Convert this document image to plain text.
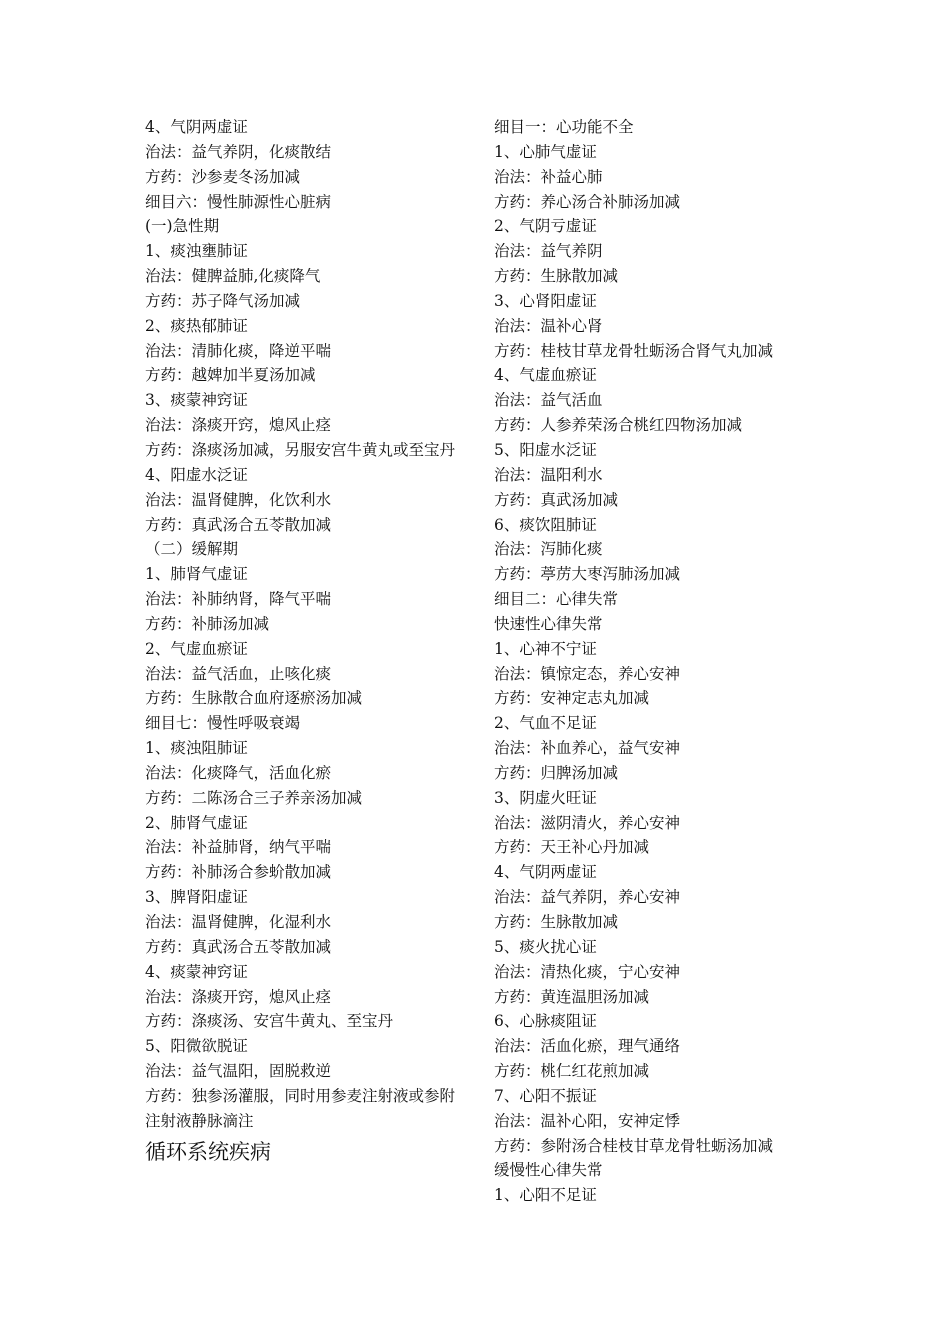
4、气阴两虚证
治法：益气养阴，化痰散结
方药：沙参麦冬汤加减
细目六：慢性肺源性心脏病
(一)急性期
1、痰浊壅肺证
治法：健脾益肺,化痰降气
方药：苏子降气汤加减
2、痰热郁肺证
治法：清肺化痰，降逆平喘
方药：越婢加半夏汤加减
3、痰蒙神窍证
治法：涤痰开窍，熄风止痉
方药：涤痰汤加减，另服安宫牛黄丸或至宝丹
4、阳虚水泛证
治法：温肾健脾，化饮利水
方药：真武汤合五苓散加减
（二）缓解期
1、肺肾气虚证
治法：补肺纳肾，降气平喘
方药：补肺汤加减
2、气虚血瘀证
治法：益气活血，止咳化痰
方药：生脉散合血府逐瘀汤加减
细目七：慢性呼吸衰竭
1、痰浊阻肺证
治法：化痰降气，活血化瘀
方药：二陈汤合三子养亲汤加减
2、肺肾气虚证
治法：补益肺肾，纳气平喘
方药：补肺汤合参蚧散加减
3、脾肾阳虚证
治法：温肾健脾，化湿利水
方药：真武汤合五苓散加减
4、痰蒙神窍证
治法：涤痰开窍，熄风止痉
方药：涤痰汤、安宫牛黄丸、至宝丹
5、阳微欲脱证
治法：益气温阳，固脱救逆
方药：独参汤灌服，同时用参麦注射液或参附注射液静脉滴注
循环系统疾病
细目一：心功能不全
1、心肺气虚证
治法：补益心肺
方药：养心汤合补肺汤加减
2、气阴亏虚证
治法：益气养阴
方药：生脉散加减
3、心肾阳虚证
治法：温补心肾
方药：桂枝甘草龙骨牡蛎汤合肾气丸加减
4、气虚血瘀证
治法：益气活血
方药：人参养荣汤合桃红四物汤加减
5、阳虚水泛证
治法：温阳利水
方药：真武汤加减
6、痰饮阻肺证
治法：泻肺化痰
方药：葶苈大枣泻肺汤加减
细目二：心律失常
快速性心律失常
1、心神不宁证
治法：镇惊定态，养心安神
方药：安神定志丸加减
2、气血不足证
治法：补血养心，益气安神
方药：归脾汤加减
3、阴虚火旺证
治法：滋阴清火，养心安神
方药：天王补心丹加减
4、气阴两虚证
治法：益气养阴，养心安神
方药：生脉散加减
5、痰火扰心证
治法：清热化痰，宁心安神
方药：黄连温胆汤加减
6、心脉痰阻证
治法：活血化瘀，理气通络
方药：桃仁红花煎加减
7、心阳不振证
治法：温补心阳，安神定悸
方药：参附汤合桂枝甘草龙骨牡蛎汤加减
缓慢性心律失常
1、心阳不足证
